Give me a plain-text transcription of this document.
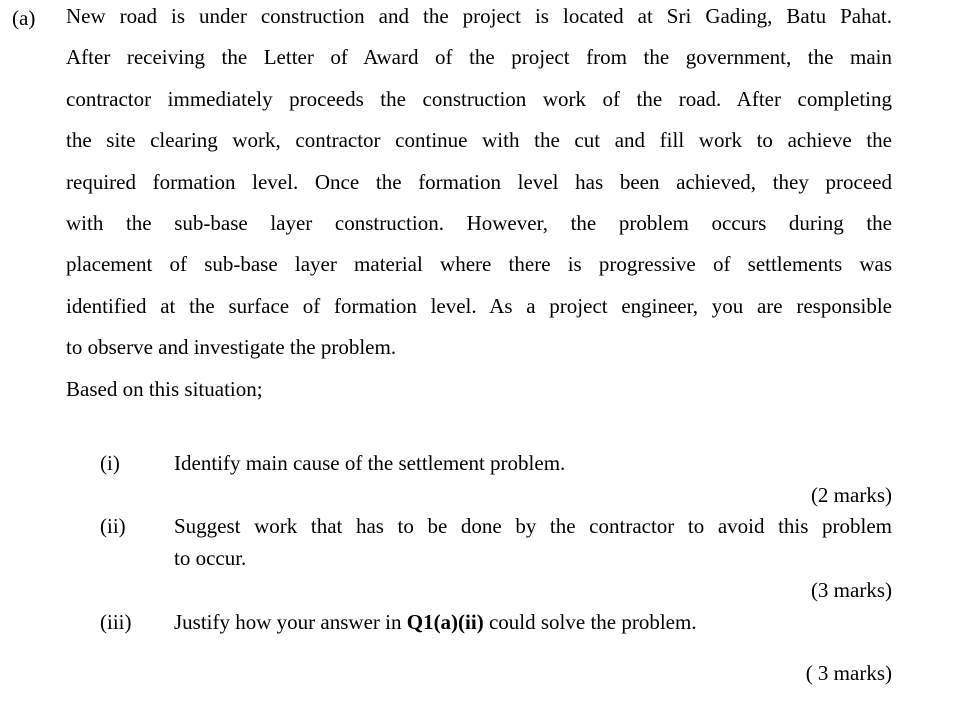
(a) New road is under construction and the project is located at Sri Gading, Batu Pahat.
After receiving the Letter of Award of the project from the government, the main
contractor immediately proceeds the construction work of the road. After completing
the site clearing work, contractor continue with the cut and fill work to achieve the
required formation level. Once the formation level has been achieved, they proceed
with the sub-base layer construction. However, the problem occurs during the
placement of sub-base layer material where there is progressive of settlements was
identified at the surface of formation level. As a project engineer, you are responsible
to observe and investigate the problem.
Based on this situation;
(i)	Identify main cause of the settlement problem.
(2 marks)
(ii) Suggest work that has to be done by the contractor to avoid this problem
to occur.
(3 marks)
(iii) Justify how your answer in Q1(a)(ii) could solve the problem.
( 3 marks)
